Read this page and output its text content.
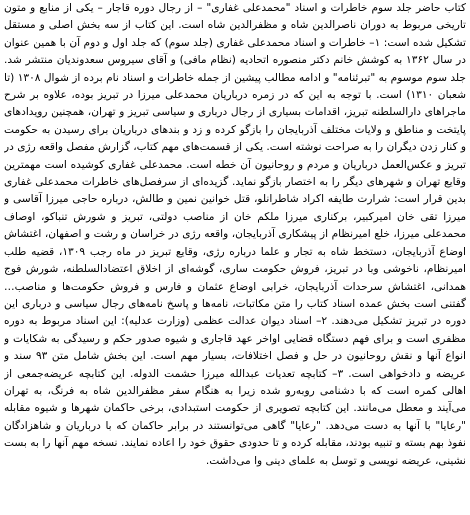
کتاب حاضر جلد سوم خاطرات و اسناد "محمدعلی غفاری" – از رجال دوره قاجار – یکی از منابع و متون تاریخی مربوط به دوران ناصرالدین شاه و مظفرالدین شاه است. این کتاب از سه بخش اصلی و مستقل تشکیل شده است: ۱– خاطرات و اسناد محمدعلی غفاری (جلد سوم) که جلد اول و دوم آن با همین عنوان در سال ۱۳۶۲ به کوشش خانم دکتر منصوره اتحادیه (نظام مافی) و آقای سیروس سعدوندیان منتشر شد. جلد سوم موسوم به "تبرئنامه" و ادامه مطالب پیشین از جمله خاطرات و اسناد نام برده از شوال ۱۳۰۸ (تا شعبان ۱۳۱۰) است. با توجه به این که در زمره درباریان محمدعلی میرزا در تبریز بوده، علاوه بر شرح ماجراهای دارالسلطنه تبریز، اقدامات بسیاری از رجال درباری و سیاسی تبریز و تهران، همچنین رویدادهای پایتخت و مناطق و ولایات مختلف آذربایجان را بازگو کرده و زد و بندهای درباریان برای رسیدن به حکومت و کنار زدن دیگران را به صراحت نوشته است. یکی از قسمت‌های مهم کتاب، گزارش مفصل واقعه رژی در تبریز و عکس‌العمل درباریان و مردم و روحانیون آن خطه است. محمدعلی غفاری کوشیده است مهمترین وقایع تهران و شهرهای دیگر را به اختصار بازگو نماید. گزیده‌ای از سرفصل‌های خاطرات محمدعلی غفاری بدین قرار است: شرارت طایفه اکراد شاطرانلو، قتل خوانین نمین و طالش، درباره حاجی میرزا آقاسی و میرزا تقی خان امیرکبیر، برکناری میرزا ملکم خان از مناصب دولتی، تبریز و شورش تنباکو، اوصاف محمدعلی میرزا، خلع امیرنظام از پیشکاری آذربایجان، واقعه رژی در خراسان و رشت و اصفهان، اغتشاش اوضاع آذربایجان، دستخط شاه به تجار و علما درباره رژی، وقایع تبریز در ماه رجب ۱۳۰۹، قضیه طلب امیرنظام، ناخوشی وبا در تبریز، فروش حکومت ساری، گوشه‌ای از اخلاق اعتضادالسلطنه، شورش فوج همدانی، اغتشاش سرحدات آذربایجان، خرابی اوضاع عثمان و فارس و فروش حکومت‌ها و مناصب… گفتنی است بخش عمده اسناد کتاب را متن مکاتبات، نامه‌ها و پاسخ نامه‌های رجال سیاسی و درباری این دوره در تبریز تشکیل می‌دهند. ۲– اسناد دیوان عدالت عظمی (وزارت عدلیه): این اسناد مربوط به دوره مظفری است و برای فهم دستگاه قضایی اواخر عهد قاجاری و شیوه صدور حکم و رسیدگی به شکایات و انواع آنها و نقش روحانیون در حل و فصل اختلافات، بسیار مهم است. این بخش شامل متن ۹۳ سند و عریضه و دادخواهی است. ۳– کتابچه تعدیات عبدالله میرزا حشمت الدوله. این کتابچه عریضه‌جمعی از اهالی کمره است که با دشنامی روبه‌رو شده زیرا به هنگام سفر مظفرالدین شاه به فرنگ، به تهران می‌آیند و معطل می‌مانند. این کتابچه تصویری از حکومت استبدادی، برخی حاکمان شهرها و شیوه مقابله "رعایا" با آنها به دست می‌دهد. "رعایا" گاهی می‌توانستند در برابر حاکمان که با درباریان و شاهزادگان نفوذ بهم بسته و تنبیه بودند، مقابله کرده و تا حدودی حقوق خود را اعاده نمایند. نسخه مهم آنها را به بست نشینی، عریضه نویسی و توسل به علمای دینی وا می‌داشت.
